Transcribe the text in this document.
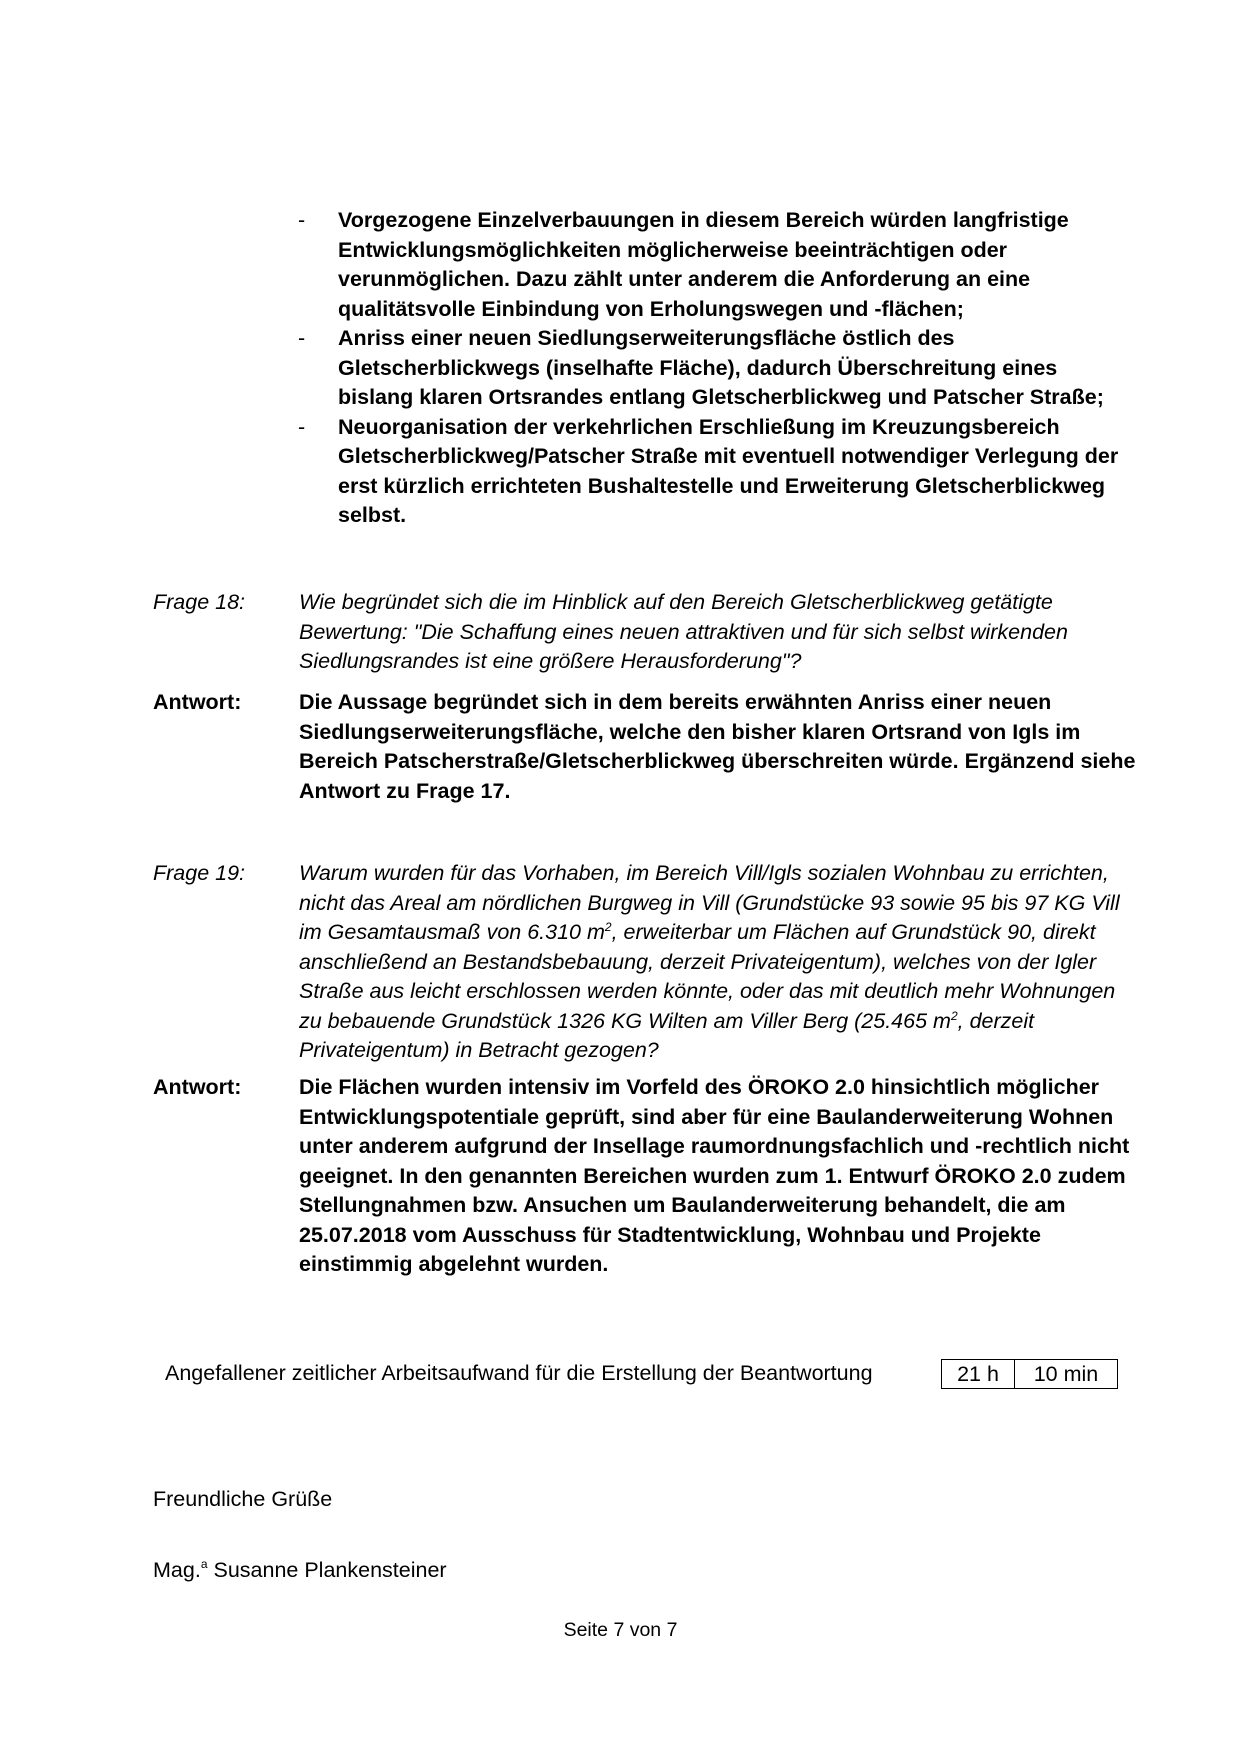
- Vorgezogene Einzelverbauungen in diesem Bereich würden langfristige Entwicklungsmöglichkeiten möglicherweise beeinträchtigen oder verunmöglichen. Dazu zählt unter anderem die Anforderung an eine qualitätsvolle Einbindung von Erholungswegen und -flächen;
- Anriss einer neuen Siedlungserweiterungsfläche östlich des Gletscherblickwegs (inselhafte Fläche), dadurch Überschreitung eines bislang klaren Ortsrandes entlang Gletscherblickweg und Patscher Straße;
- Neuorganisation der verkehrlichen Erschließung im Kreuzungsbereich Gletscherblickweg/Patscher Straße mit eventuell notwendiger Verlegung der erst kürzlich errichteten Bushaltestelle und Erweiterung Gletscherblickweg selbst.
Frage 18:	Wie begründet sich die im Hinblick auf den Bereich Gletscherblickweg getätigte Bewertung: "Die Schaffung eines neuen attraktiven und für sich selbst wirkenden Siedlungsrandes ist eine größere Herausforderung"?
Antwort:	Die Aussage begründet sich in dem bereits erwähnten Anriss einer neuen Siedlungserweiterungsfläche, welche den bisher klaren Ortsrand von Igls im Bereich Patscherstraße/Gletscherblickweg überschreiten würde. Ergänzend siehe Antwort zu Frage 17.
Frage 19:	Warum wurden für das Vorhaben, im Bereich Vill/Igls sozialen Wohnbau zu errichten, nicht das Areal am nördlichen Burgweg in Vill (Grundstücke 93 sowie 95 bis 97 KG Vill im Gesamtausmaß von 6.310 $m^2$, erweiterbar um Flächen auf Grundstück 90, direkt anschließend an Bestandsbebauung, derzeit Privateigentum), welches von der Igler Straße aus leicht erschlossen werden könnte, oder das mit deutlich mehr Wohnungen zu bebauende Grundstück 1326 KG Wilten am Viller Berg (25.465 $m^2$, derzeit Privateigentum) in Betracht gezogen?
Antwort:	Die Flächen wurden intensiv im Vorfeld des ÖROKO 2.0 hinsichtlich möglicher Entwicklungspotentiale geprüft, sind aber für eine Baulanderweiterung Wohnen unter anderem aufgrund der Insellage raumordnungsfachlich und -rechtlich nicht geeignet. In den genannten Bereichen wurden zum 1. Entwurf ÖROKO 2.0 zudem Stellungnahmen bzw. Ansuchen um Baulanderweiterung behandelt, die am 25.07.2018 vom Ausschuss für Stadtentwicklung, Wohnbau und Projekte einstimmig abgelehnt wurden.
Angefallener zeitlicher Arbeitsaufwand für die Erstellung der Beantwortung	21 h	10 min
Freundliche Grüße
Mag.$^a$ Susanne Plankensteiner
Seite 7 von 7
